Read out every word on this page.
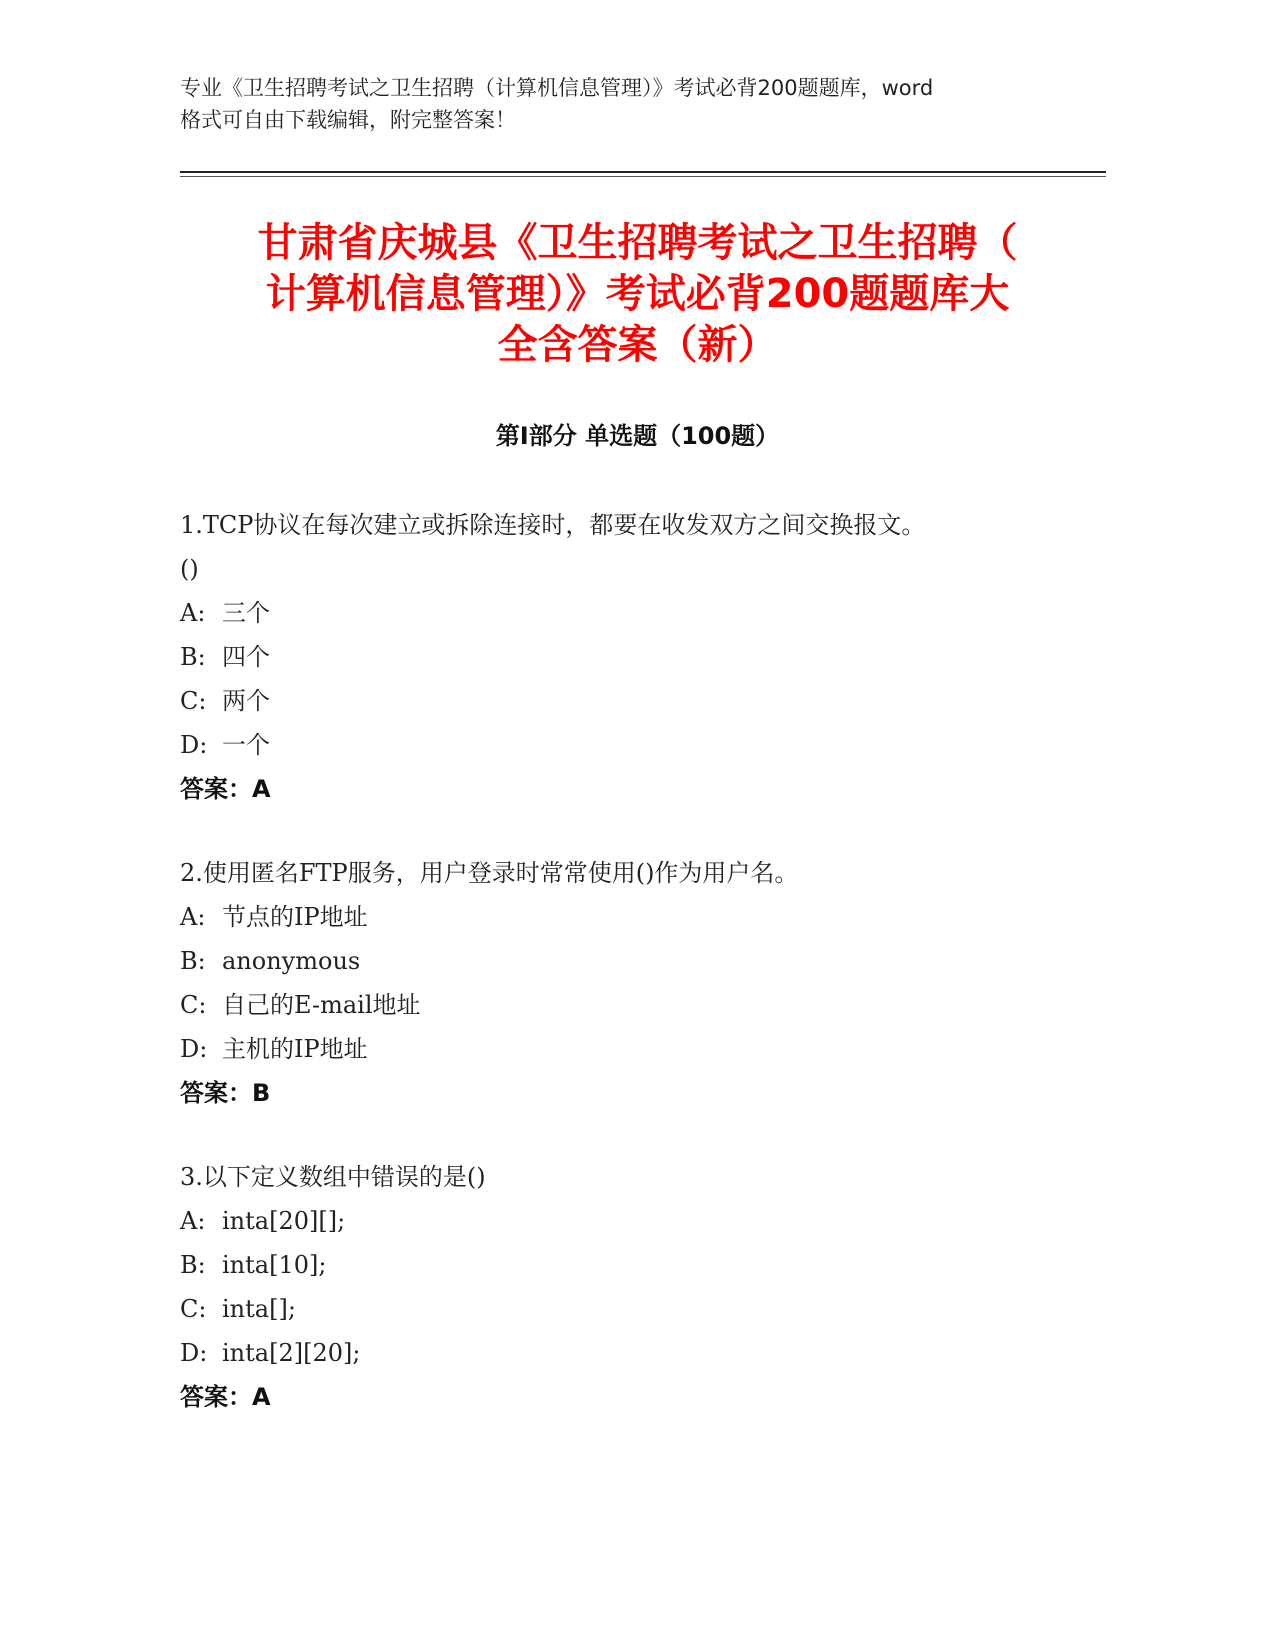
专业《卫生招聘考试之卫生招聘（计算机信息管理）》考试必背200题题库，word
格式可自由下载编辑，附完整答案！
甘肃省庆城县《卫生招聘考试之卫生招聘（
计算机信息管理）》考试必背200题题库大
全含答案（新）
第I部分 单选题（100题）
1.TCP协议在每次建立或拆除连接时，都要在收发双方之间交换报文。
()
A: 三个
B: 四个
C: 两个
D: 一个
答案：A
2.使用匿名FTP服务，用户登录时常常使用()作为用户名。
A: 节点的IP地址
B: anonymous
C: 自己的E-mail地址
D: 主机的IP地址
答案：B
3.以下定义数组中错误的是()
A: inta[20][];
B: inta[10];
C: inta[];
D: inta[2][20];
答案：A
